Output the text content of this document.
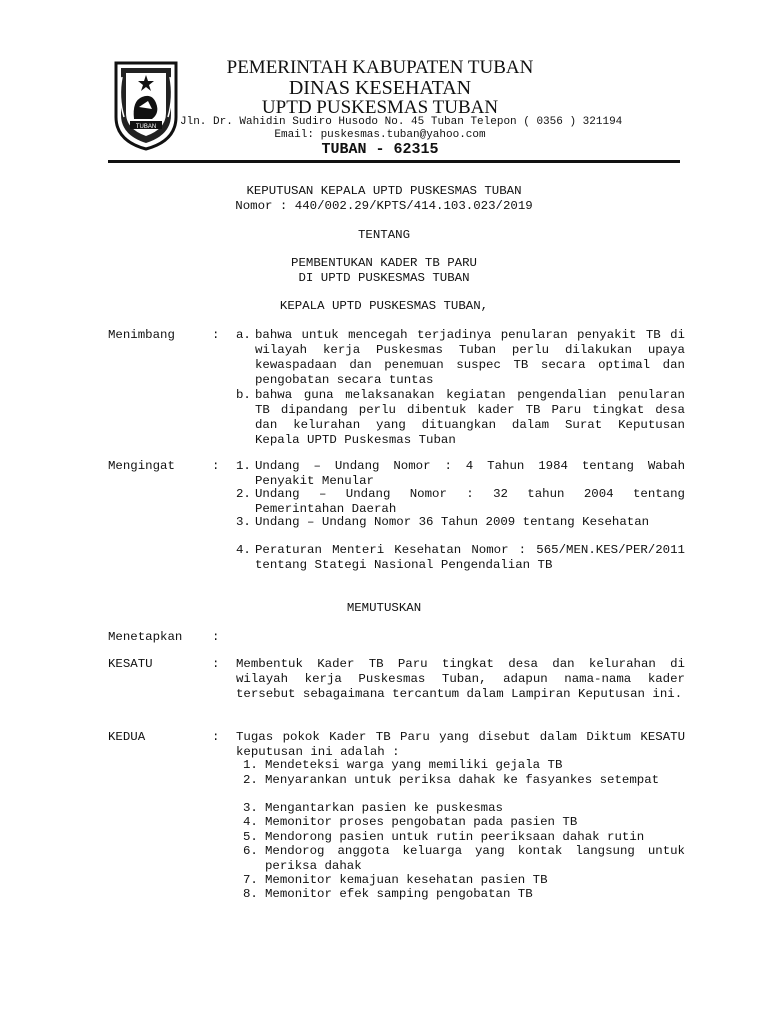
TUBAN
PEMERINTAH KABUPATEN TUBAN
DINAS KESEHATAN
UPTD PUSKESMAS TUBAN
Jln. Dr. Wahidin Sudiro Husodo No. 45 Tuban Telepon ( 0356 ) 321194
Email: puskesmas.tuban@yahoo.com
TUBAN - 62315
KEPUTUSAN KEPALA UPTD PUSKESMAS TUBAN
Nomor : 440/002.29/KPTS/414.103.023/2019
TENTANG
PEMBENTUKAN KADER TB PARU
DI UPTD PUSKESMAS TUBAN
KEPALA UPTD PUSKESMAS TUBAN,
Menimbang	: a. bahwa untuk mencegah terjadinya penularan penyakit TB di wilayah kerja Puskesmas Tuban perlu dilakukan upaya kewaspadaan dan penemuan suspec TB secara optimal dan pengobatan secara tuntas
b. bahwa guna melaksanakan kegiatan pengendalian penularan TB dipandang perlu dibentuk kader TB Paru tingkat desa dan kelurahan yang dituangkan dalam Surat Keputusan Kepala UPTD Puskesmas Tuban
Mengingat	: 1. Undang – Undang Nomor : 4 Tahun 1984 tentang Wabah Penyakit Menular
2. Undang – Undang Nomor : 32 tahun 2004 tentang Pemerintahan Daerah
3. Undang – Undang Nomor 36 Tahun 2009 tentang Kesehatan
4. Peraturan Menteri Kesehatan Nomor : 565/MEN.KES/PER/2011 tentang Stategi Nasional Pengendalian TB
MEMUTUSKAN
Menetapkan :
KESATU	: Membentuk Kader TB Paru tingkat desa dan kelurahan di wilayah kerja Puskesmas Tuban, adapun nama-nama kader tersebut sebagaimana tercantum dalam Lampiran Keputusan ini.
KEDUA	: Tugas pokok Kader TB Paru yang disebut dalam Diktum KESATU keputusan ini adalah :
1. Mendeteksi warga yang memiliki gejala TB
2. Menyarankan untuk periksa dahak ke fasyankes setempat
3. Mengantarkan pasien ke puskesmas
4. Memonitor proses pengobatan pada pasien TB
5. Mendorong pasien untuk rutin peeriksaan dahak rutin
6. Mendorog anggota keluarga yang kontak langsung untuk periksa dahak
7. Memonitor kemajuan kesehatan pasien TB
8. Memonitor efek samping pengobatan TB
